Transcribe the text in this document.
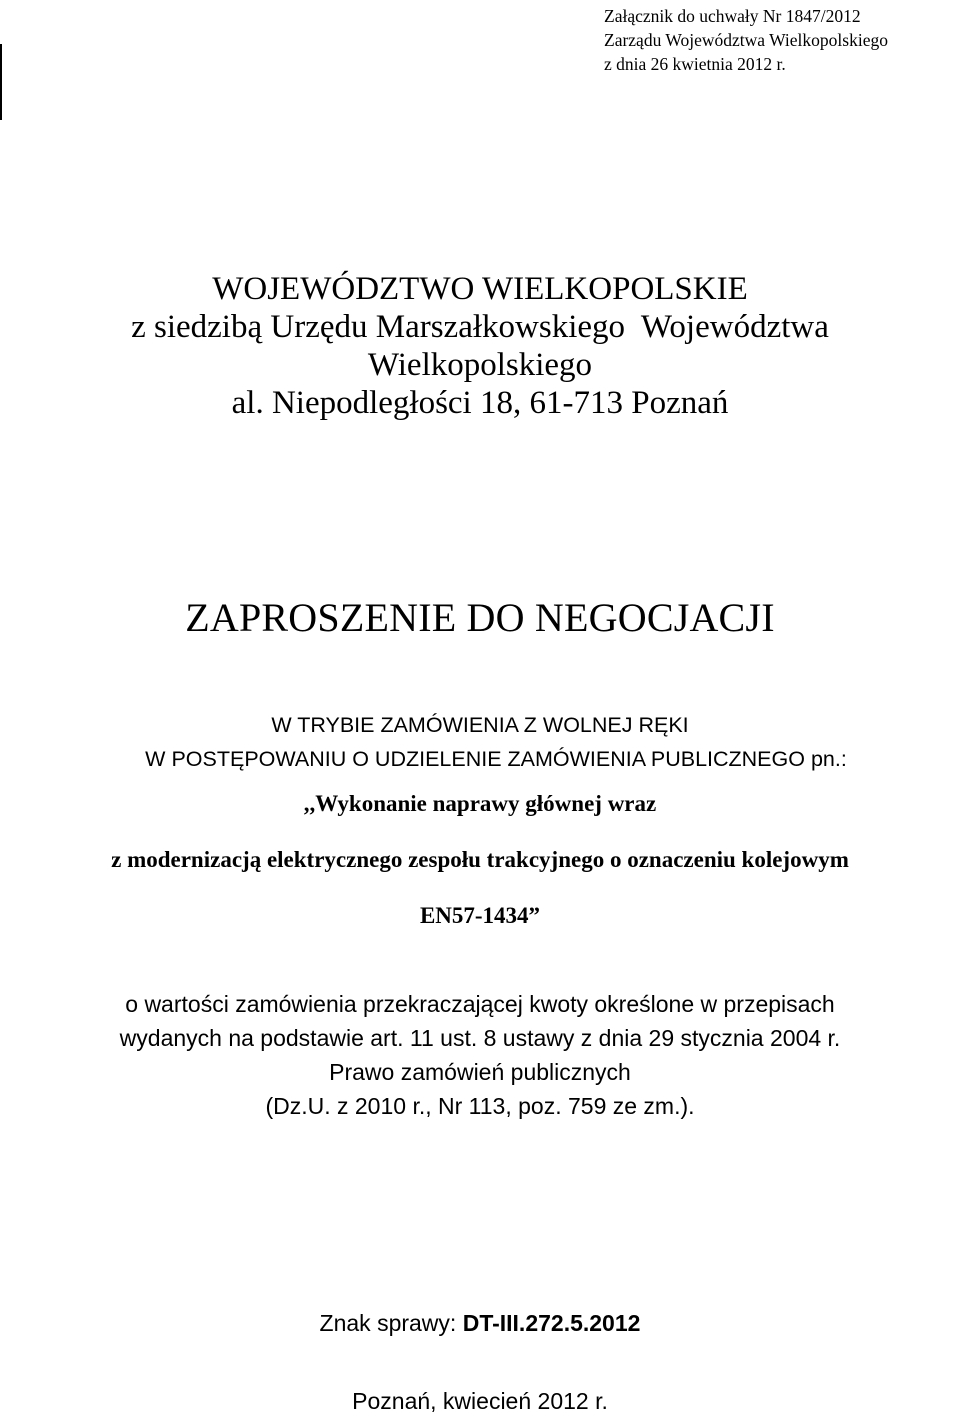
Załącznik do uchwały Nr 1847/2012
Zarządu Województwa Wielkopolskiego
z dnia 26 kwietnia 2012 r.
WOJEWÓDZTWO WIELKOPOLSKIE
z siedzibą Urzędu Marszałkowskiego  Województwa
Wielkopolskiego
al. Niepodległości 18, 61-713 Poznań
ZAPROSZENIE DO NEGOCJACJI
W TRYBIE ZAMÓWIENIA Z WOLNEJ RĘKI
W POSTĘPOWANIU O UDZIELENIE ZAMÓWIENIA PUBLICZNEGO pn.:
,,Wykonanie naprawy głównej wraz
z modernizacją elektrycznego zespołu trakcyjnego o oznaczeniu kolejowym
EN57-1434”
o wartości zamówienia przekraczającej kwoty określone w przepisach
wydanych na podstawie art. 11 ust. 8 ustawy z dnia 29 stycznia 2004 r.
Prawo zamówień publicznych
(Dz.U. z 2010 r., Nr 113, poz. 759 ze zm.).
Znak sprawy: DT-III.272.5.2012
Poznań, kwiecień 2012 r.
